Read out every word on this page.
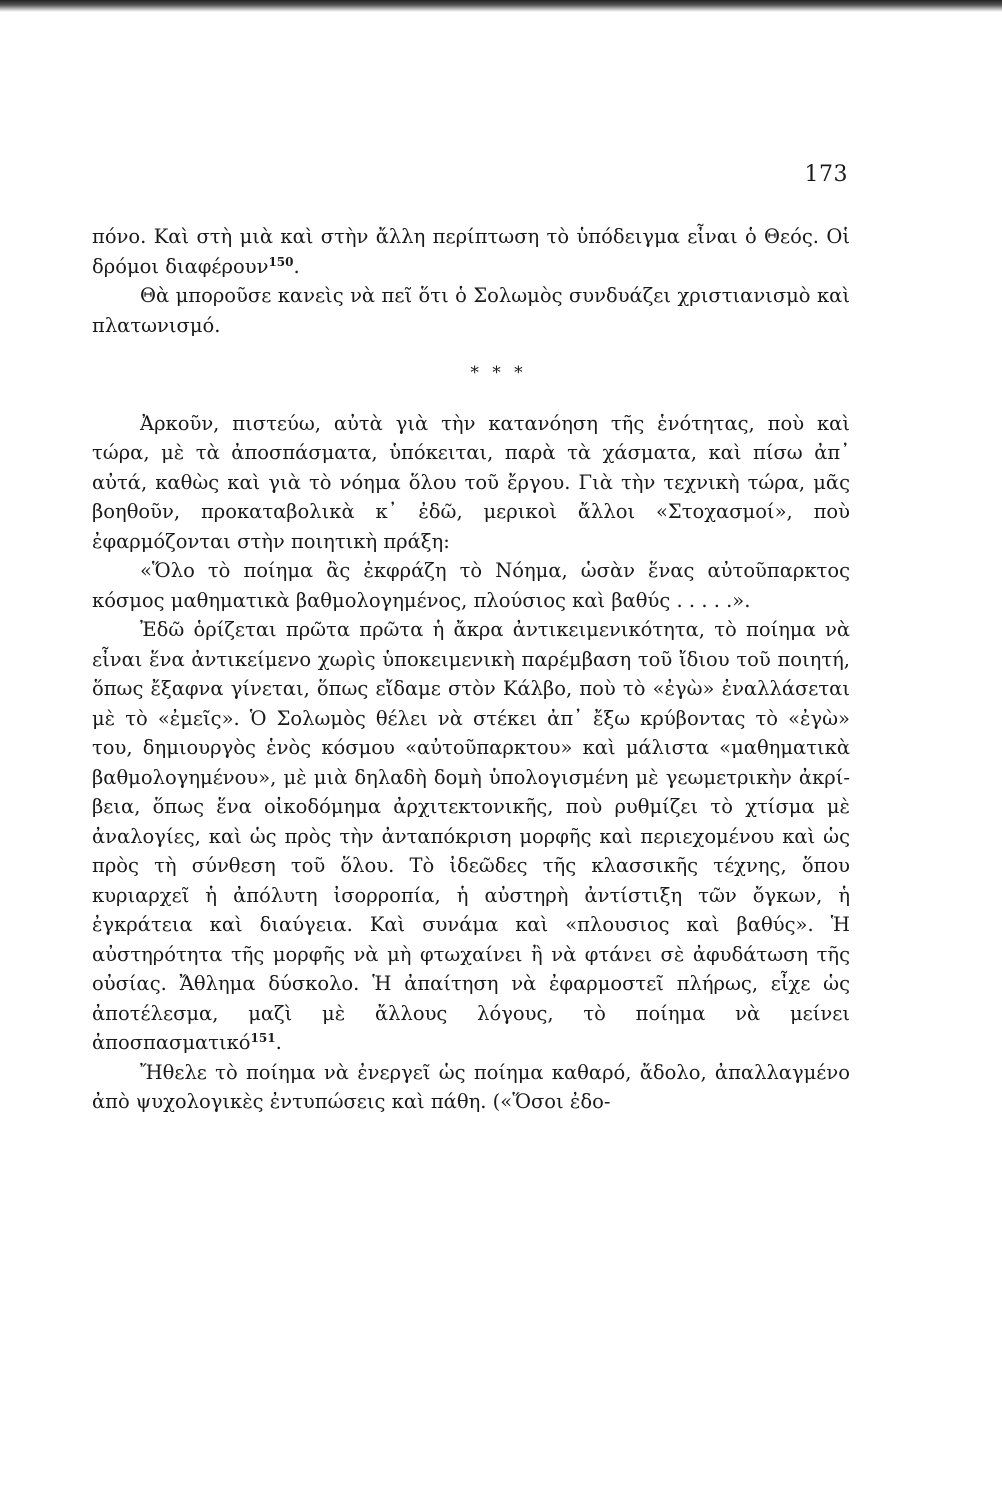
173

πόνο. Καὶ στὴ μιὰ καὶ στὴν ἄλλη περίπτωση τὸ ὑπόδειγμα εἶναι ὁ Θεός. Οἱ δρόμοι διαφέρουν$^{150}$.

Θὰ μποροῦσε κανεὶς νὰ πεῖ ὅτι ὁ Σολωμὸς συνδυάζει χριστιανισμὸ καὶ πλατωνισμό.

* * *

Ἀρκοῦν, πιστεύω, αὐτὰ γιὰ τὴν κατανόηση τῆς ἑνότητας, ποὺ καὶ τώρα, μὲ τὰ ἀποσπάσματα, ὑπόκειται, παρὰ τὰ χάσματα, καὶ πίσω ἀπ᾽ αὐτά, καθὼς καὶ γιὰ τὸ νόημα ὅλου τοῦ ἔργου. Γιὰ τὴν τεχνικὴ τώρα, μᾶς βοηθοῦν, προκαταβολικὰ κ᾽ ἐδῶ, μερικοὶ ἄλλοι «Στοχασμοί», ποὺ ἐφαρμόζονται στὴν ποιητικὴ πράξη:

«Ὅλο τὸ ποίημα ἂς ἐκφράζη τὸ Νόημα, ὡσὰν ἕνας αὐτοῦπαρκτος κόσμος μαθηματικὰ βαθμολογημένος, πλούσιος καὶ βαθύς . . . . .».

Ἐδῶ ὁρίζεται πρῶτα πρῶτα ἡ ἄκρα ἀντικειμενικότητα, τὸ ποίημα νὰ εἶναι ἕνα ἀντικείμενο χωρὶς ὑποκειμενικὴ παρέμβαση τοῦ ἴδιου τοῦ ποιητή, ὅπως ἔξαφνα γίνεται, ὅπως εἴδαμε στὸν Κάλβο, ποὺ τὸ «ἐγὼ» ἐναλλάσεται μὲ τὸ «ἐμεῖς». Ὁ Σολωμὸς θέλει νὰ στέκει ἀπ᾽ ἔξω κρύβοντας τὸ «ἐγὼ» του, δημιουργὸς ἑνὸς κόσμου «αὐτοῦπαρκτου» καὶ μάλιστα «μαθηματικὰ βαθμολογημένου», μὲ μιὰ δηλαδὴ δομὴ ὑπολογισμένη μὲ γεωμετρικὴν ἀκρίβεια, ὅπως ἕνα οἰκοδόμημα ἀρχιτεκτονικῆς, ποὺ ρυθμίζει τὸ χτίσμα μὲ ἀναλογίες, καὶ ὡς πρὸς τὴν ἀνταπόκριση μορφῆς καὶ περιεχομένου καὶ ὡς πρὸς τὴ σύνθεση τοῦ ὅλου. Τὸ ἰδεῶδες τῆς κλασσικῆς τέχνης, ὅπου κυριαρχεῖ ἡ ἀπόλυτη ἰσορροπία, ἡ αὐστηρὴ ἀντίστιξη τῶν ὄγκων, ἡ ἐγκράτεια καὶ διαύγεια. Καὶ συνάμα καὶ «πλουσιος καὶ βαθύς». Ἡ αὐστηρότητα τῆς μορφῆς νὰ μὴ φτωχαίνει ἢ νὰ φτάνει σὲ ἀφυδάτωση τῆς οὐσίας. Ἄθλημα δύσκολο. Ἡ ἀπαίτηση νὰ ἐφαρμοστεῖ πλήρως, εἶχε ὡς ἀποτέλεσμα, μαζὶ μὲ ἄλλους λόγους, τὸ ποίημα νὰ μείνει ἀποσπασματικό$^{151}$.

Ἤθελε τὸ ποίημα νὰ ἐνεργεῖ ὡς ποίημα καθαρό, ἄδολο, ἀπαλλαγμένο ἀπὸ ψυχολογικὲς ἐντυπώσεις καὶ πάθη. («Ὅσοι ἐδο-
